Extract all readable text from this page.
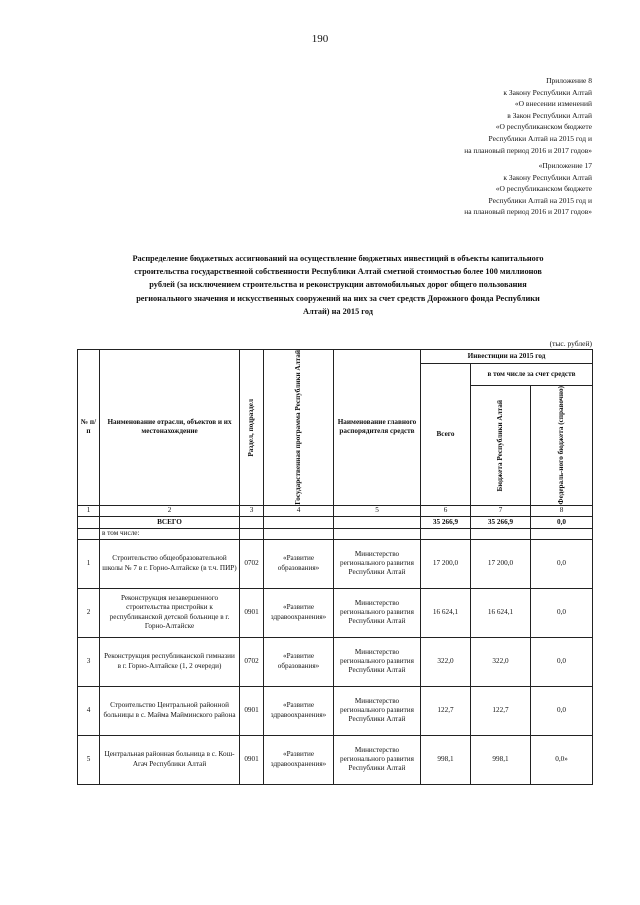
190
Приложение 8
к Закону Республики Алтай
«О внесении изменений
в Закон Республики Алтай
«О республиканском бюджете
Республики Алтай на 2015 год и
на плановый период 2016 и 2017 годов»
«Приложение 17
к Закону Республики Алтай
«О республиканском бюджете
Республики Алтай на 2015 год и
на плановый период 2016 и 2017 годов»
Распределение бюджетных ассигнований на осуществление бюджетных инвестиций в объекты капитального
строительства государственной собственности Республики Алтай сметной стоимостью более 100 миллионов
рублей (за исключением строительства и реконструкции автомобильных дорог общего пользования
регионального значения и искусственных сооружений на них за счет средств Дорожного фонда Республики
Алтай) на 2015 год
(тыс. рублей)
№ п/п	Наименование отрасли, объектов и их местонахождение	Раздел, подраздел	Государственная программа Республики Алтай	Наименование главного распорядителя средств	Инвестиции на 2015 год		
					Всего	в том числе за счет средств	

						Бюджета Республики Алтай	Федераль-ного бюджета (справочно)

1	2	3	4	5	6	7	8
	ВСЕГО				35 266,9	35 266,9	0,0
	в том числе:						
1	Строительство общеобразовательной школы № 7 в г. Горно-Алтайске (в т.ч. ПИР)	0702	«Развитие образования»	Министерство регионального развития Республики Алтай	17 200,0	17 200,0	0,0
2	Реконструкция незавершенного строительства пристройки к республиканской детской больнице в г. Горно-Алтайске	0901	«Развитие здравоохранения»	Министерство регионального развития Республики Алтай	16 624,1	16 624,1	0,0
3	Реконструкция республиканской гимназии в г. Горно-Алтайске (1, 2 очереди)	0702	«Развитие образования»	Министерство регионального развития Республики Алтай	322,0	322,0	0,0
4	Строительство Центральной районной больницы в с. Майма Майминского района	0901	«Развитие здравоохранения»	Министерство регионального развития Республики Алтай	122,7	122,7	0,0
5	Центральная районная больница в с. Кош-Агач Республики Алтай	0901	«Развитие здравоохранения»	Министерство регионального развития Республики Алтай	998,1	998,1	0,0»
